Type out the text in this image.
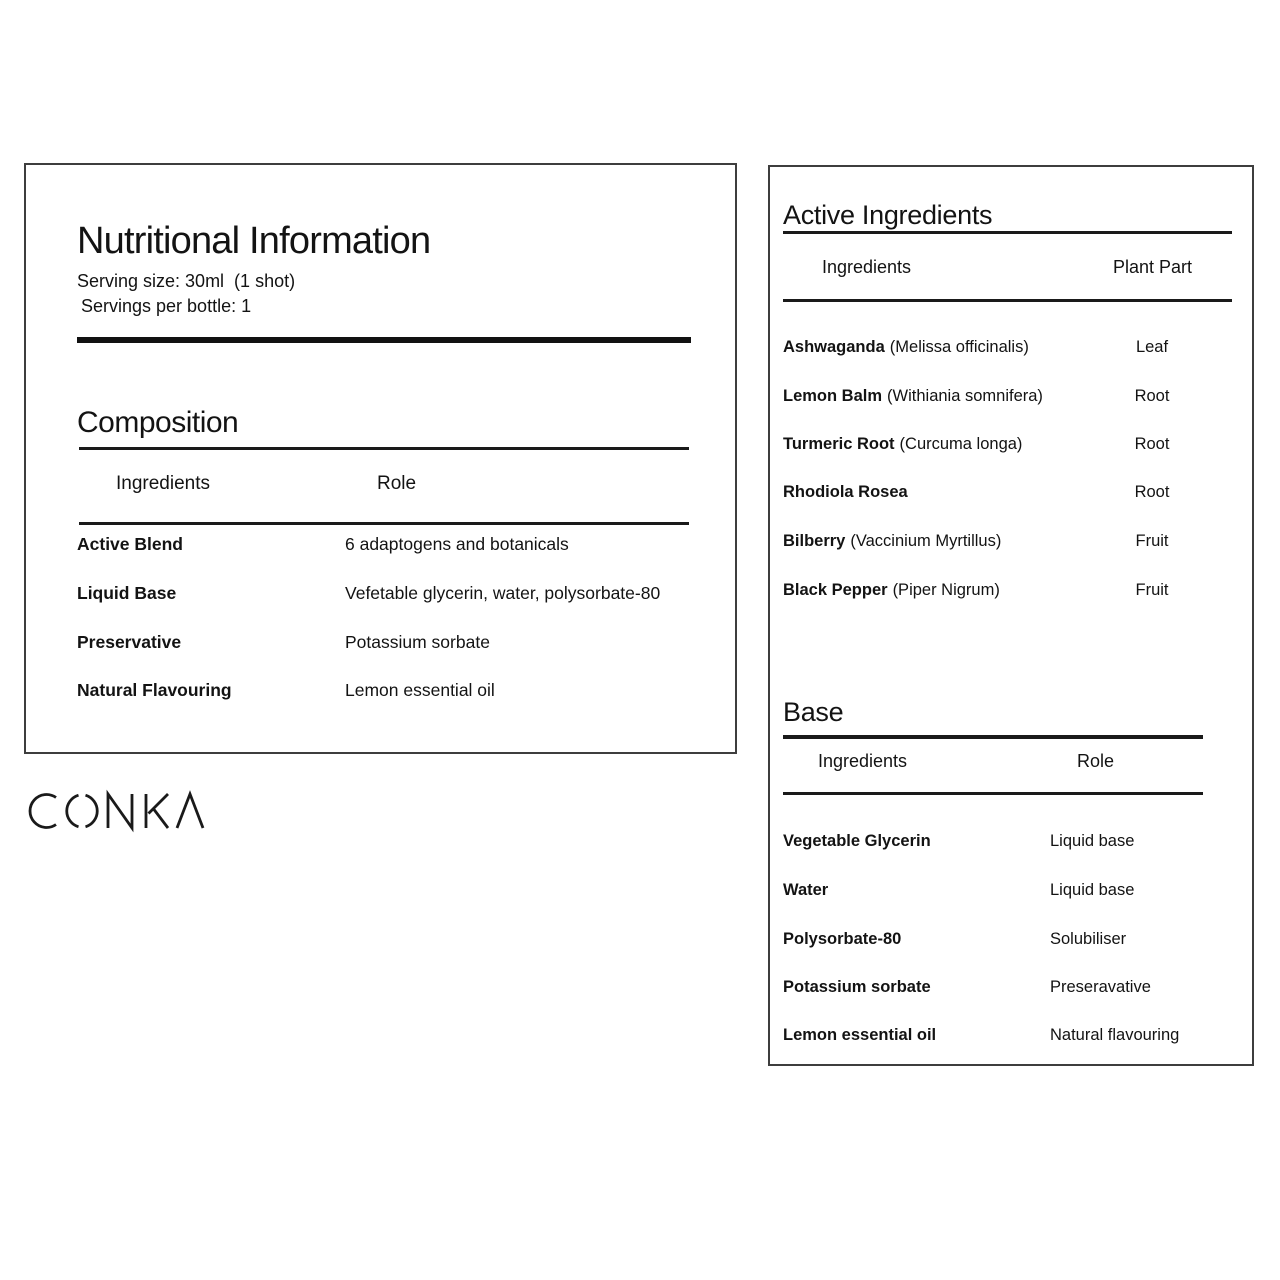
Nutritional Information
Serving size: 30ml  (1 shot)
Servings per bottle: 1
Composition
Ingredients	Role
Active Blend	6 adaptogens and botanicals
Liquid Base	Vefetable glycerin, water, polysorbate-80
Preservative	Potassium sorbate
Natural Flavouring	Lemon essential oil
Active Ingredients
Ingredients	Plant Part
Ashwaganda (Melissa officinalis)	Leaf
Lemon Balm (Withiania somnifera)	Root
Turmeric Root (Curcuma longa)	Root
Rhodiola Rosea	Root
Bilberry (Vaccinium Myrtillus)	Fruit
Black Pepper (Piper Nigrum)	Fruit
Base
Ingredients	Role
Vegetable Glycerin	Liquid base
Water	Liquid base
Polysorbate-80	Solubiliser
Potassium sorbate	Preseravative
Lemon essential oil	Natural flavouring
